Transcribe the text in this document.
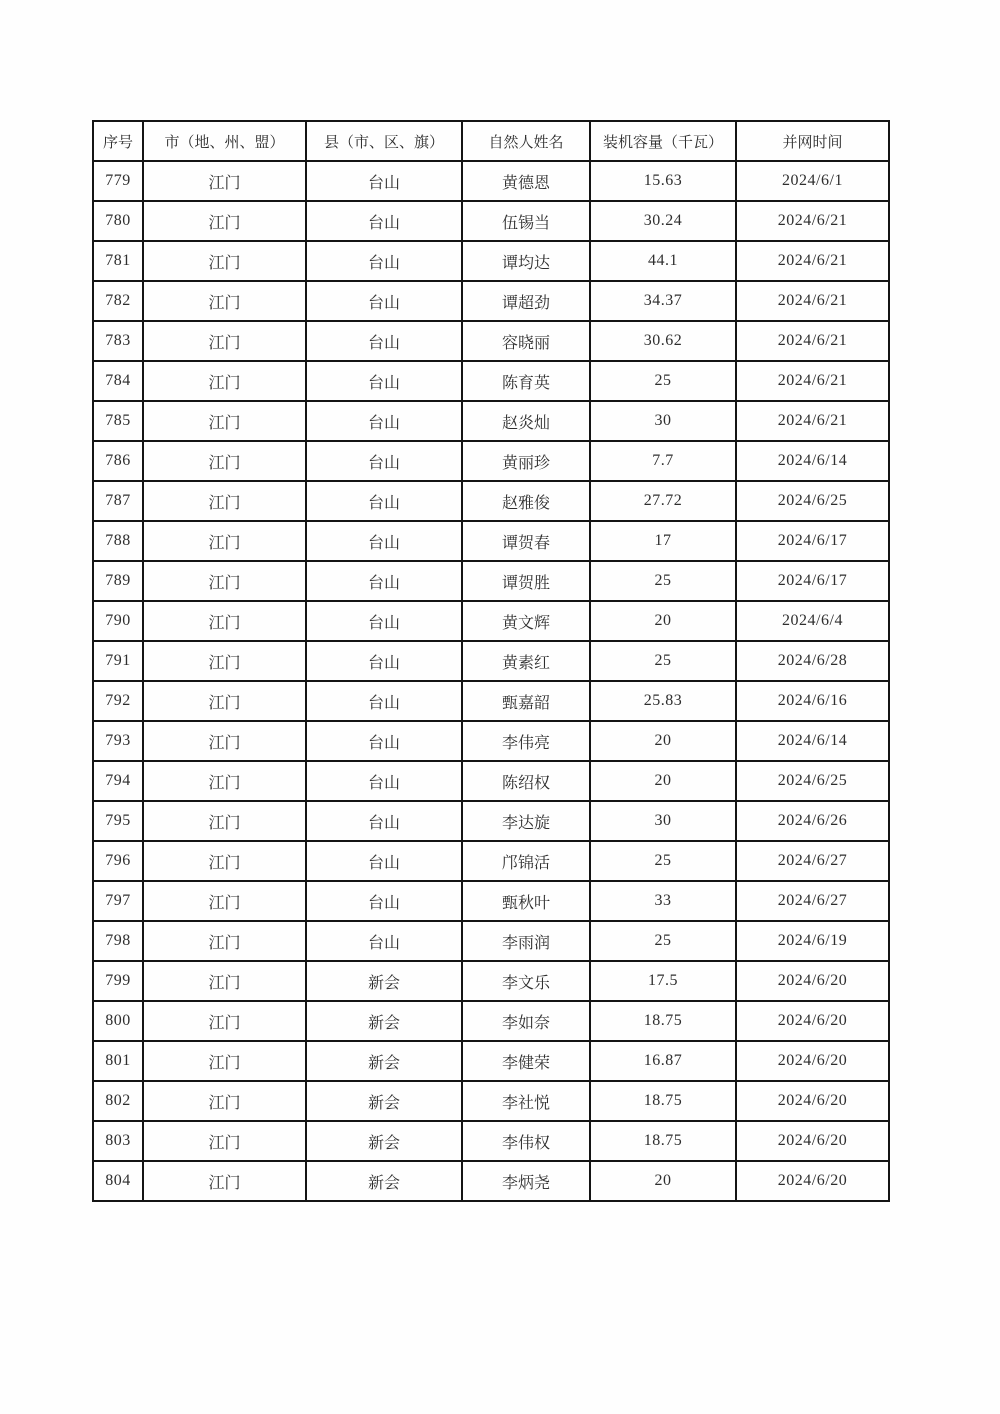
序号	市（地、州、盟）	县（市、区、旗）	自然人姓名	装机容量（千瓦）	并网时间
779	江门	台山	黄德恩	15.63	2024/6/1
780	江门	台山	伍锡当	30.24	2024/6/21
781	江门	台山	谭均达	44.1	2024/6/21
782	江门	台山	谭超劲	34.37	2024/6/21
783	江门	台山	容晓丽	30.62	2024/6/21
784	江门	台山	陈育英	25	2024/6/21
785	江门	台山	赵炎灿	30	2024/6/21
786	江门	台山	黄丽珍	7.7	2024/6/14
787	江门	台山	赵雅俊	27.72	2024/6/25
788	江门	台山	谭贺春	17	2024/6/17
789	江门	台山	谭贺胜	25	2024/6/17
790	江门	台山	黄文辉	20	2024/6/4
791	江门	台山	黄素红	25	2024/6/28
792	江门	台山	甄嘉韶	25.83	2024/6/16
793	江门	台山	李伟亮	20	2024/6/14
794	江门	台山	陈绍权	20	2024/6/25
795	江门	台山	李达旋	30	2024/6/26
796	江门	台山	邝锦活	25	2024/6/27
797	江门	台山	甄秋叶	33	2024/6/27
798	江门	台山	李雨润	25	2024/6/19
799	江门	新会	李文乐	17.5	2024/6/20
800	江门	新会	李如奈	18.75	2024/6/20
801	江门	新会	李健荣	16.87	2024/6/20
802	江门	新会	李社悦	18.75	2024/6/20
803	江门	新会	李伟权	18.75	2024/6/20
804	江门	新会	李炳尧	20	2024/6/20
